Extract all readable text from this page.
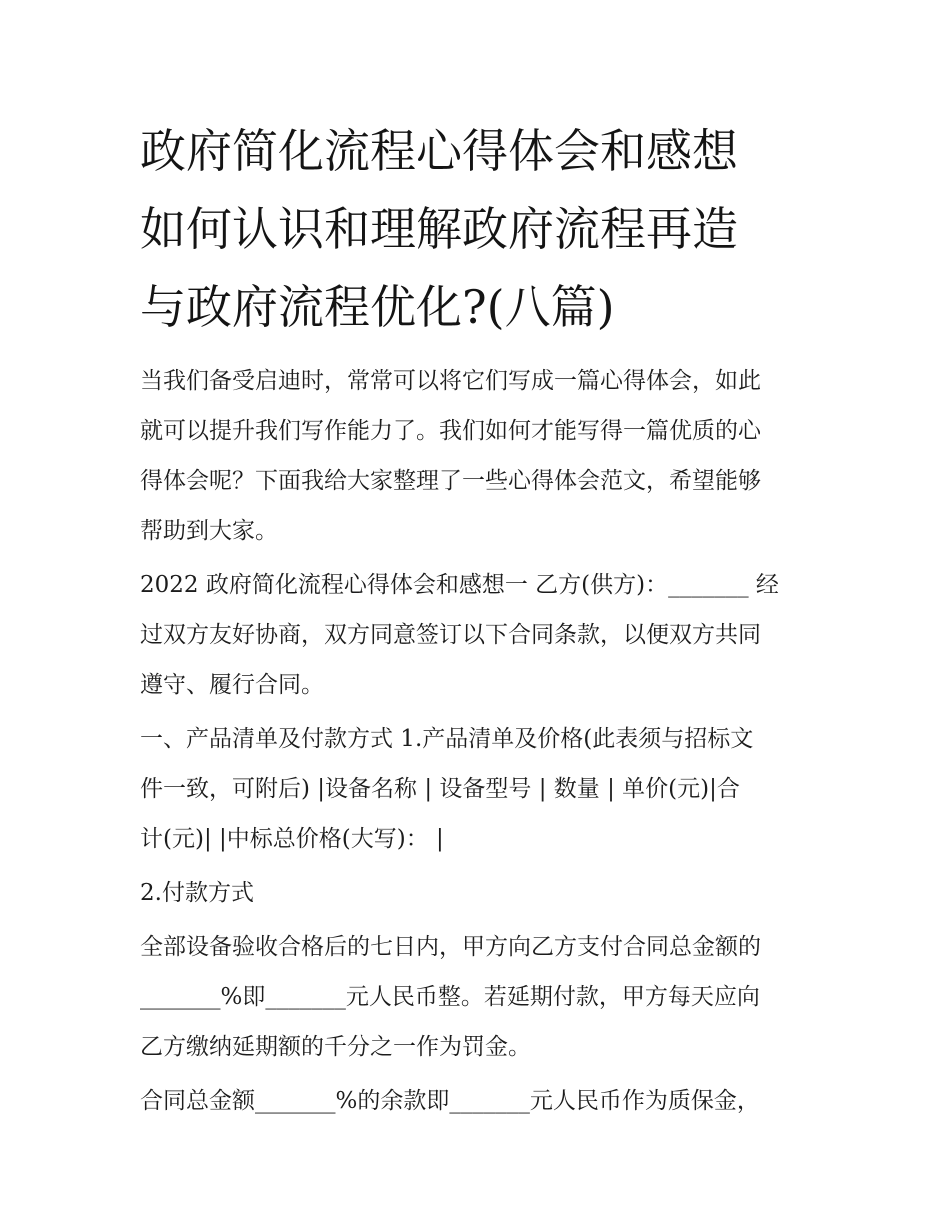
政府简化流程心得体会和感想
如何认识和理解政府流程再造
与政府流程优化?(八篇)

当我们备受启迪时，常常可以将它们写成一篇心得体会，如此
就可以提升我们写作能力了。我们如何才能写得一篇优质的心
得体会呢？下面我给大家整理了一些心得体会范文，希望能够
帮助到大家。

2022 政府简化流程心得体会和感想一 乙方(供方)：_______ 经
过双方友好协商，双方同意签订以下合同条款，以便双方共同
遵守、履行合同。

一、产品清单及付款方式 1.产品清单及价格(此表须与招标文
件一致，可附后) |设备名称 | 设备型号 | 数量 | 单价(元)|合
计(元)| |中标总价格(大写)： |

2.付款方式

全部设备验收合格后的七日内，甲方向乙方支付合同总金额的
_______%即_______元人民币整。若延期付款，甲方每天应向
乙方缴纳延期额的千分之一作为罚金。

合同总金额_______%的余款即_______元人民币作为质保金，
